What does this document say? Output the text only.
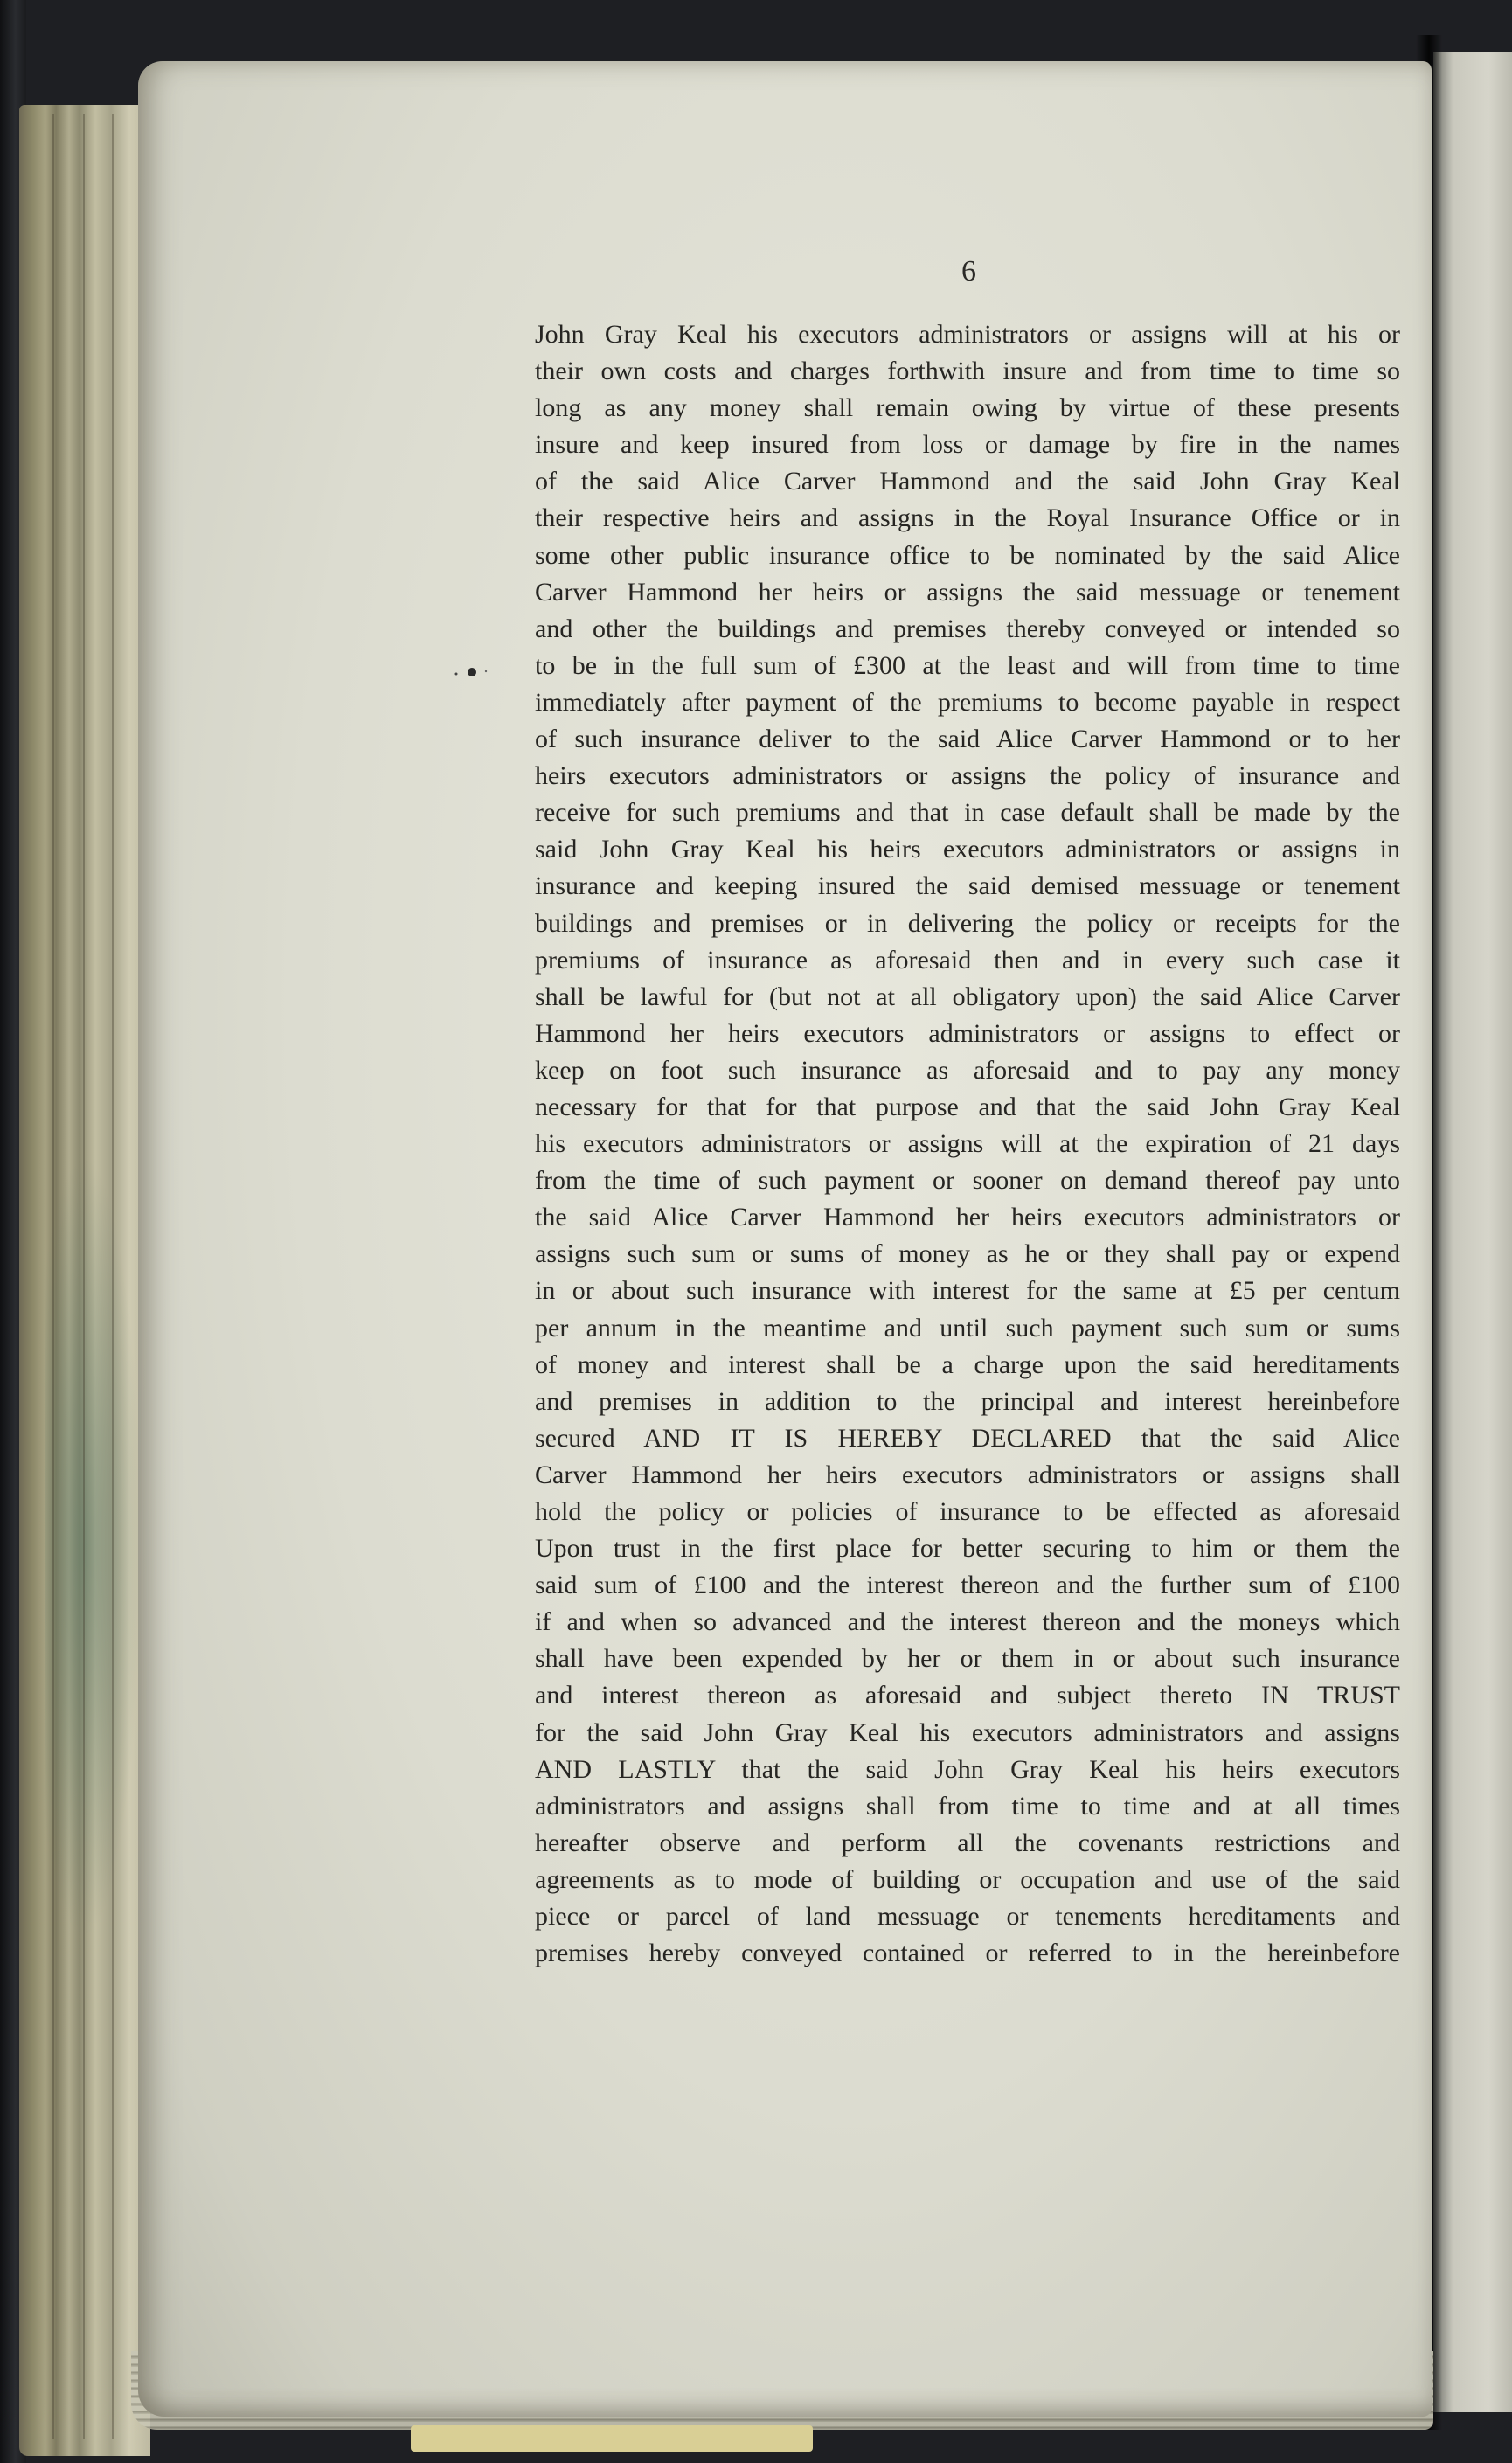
6
John Gray Keal his executors administrators or assigns will at his or
their own costs and charges forthwith insure and from time to time so
long as any money shall remain owing by virtue of these presents
insure and keep insured from loss or damage by fire in the names
of the said Alice Carver Hammond and the said John Gray Keal
their respective heirs and assigns in the Royal Insurance Office or in
some other public insurance office to be nominated by the said Alice
Carver Hammond her heirs or assigns the said messuage or tenement
and other the buildings and premises thereby conveyed or intended so
to be in the full sum of £300 at the least and will from time to time
immediately after payment of the premiums to become payable in respect
of such insurance deliver to the said Alice Carver Hammond or to her
heirs executors administrators or assigns the policy of insurance and
receive for such premiums and that in case default shall be made by the
said John Gray Keal his heirs executors administrators or assigns in
insurance and keeping insured the said demised messuage or tenement
buildings and premises or in delivering the policy or receipts for the
premiums of insurance as aforesaid then and in every such case it
shall be lawful for (but not at all obligatory upon) the said Alice Carver
Hammond her heirs executors administrators or assigns to effect or
keep on foot such insurance as aforesaid and to pay any money
necessary for that for that purpose and that the said John Gray Keal
his executors administrators or assigns will at the expiration of 21 days
from the time of such payment or sooner on demand thereof pay unto
the said Alice Carver Hammond her heirs executors administrators or
assigns such sum or sums of money as he or they shall pay or expend
in or about such insurance with interest for the same at £5 per centum
per annum in the meantime and until such payment such sum or sums
of money and interest shall be a charge upon the said hereditaments
and premises in addition to the principal and interest hereinbefore
secured AND IT IS HEREBY DECLARED that the said Alice
Carver Hammond her heirs executors administrators or assigns shall
hold the policy or policies of insurance to be effected as aforesaid
Upon trust in the first place for better securing to him or them the
said sum of £100 and the interest thereon and the further sum of £100
if and when so advanced and the interest thereon and the moneys which
shall have been expended by her or them in or about such insurance
and interest thereon as aforesaid and subject thereto IN TRUST
for the said John Gray Keal his executors administrators and assigns
AND LASTLY that the said John Gray Keal his heirs executors
administrators and assigns shall from time to time and at all times
hereafter observe and perform all the covenants restrictions and
agreements as to mode of building or occupation and use of the said
piece or parcel of land messuage or tenements hereditaments and
premises hereby conveyed contained or referred to in the hereinbefore
